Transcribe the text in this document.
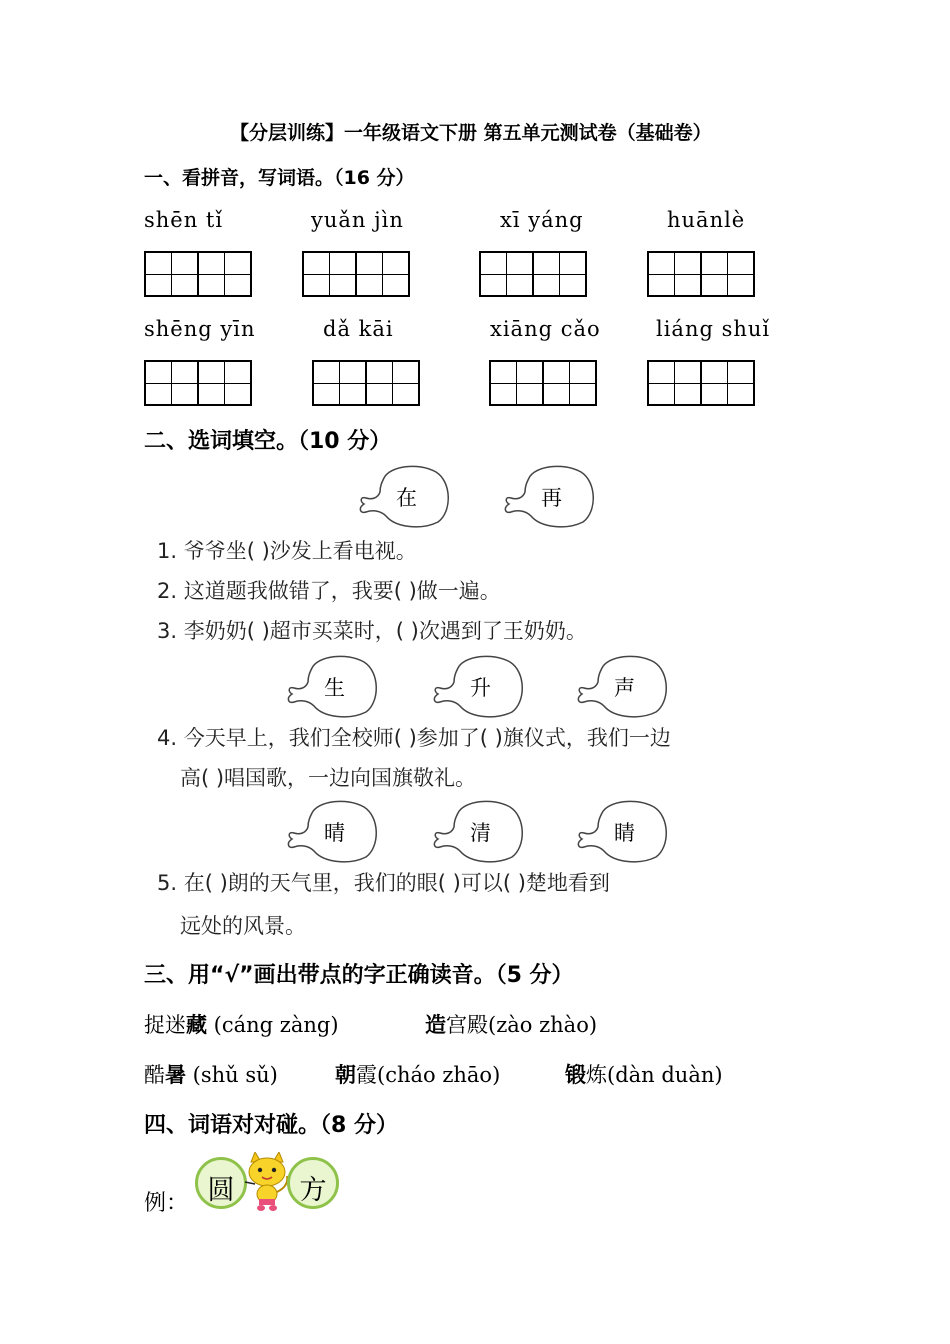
【分层训练】一年级语文下册 第五单元测试卷（基础卷）
一、看拼音，写词语。（16 分）
shēn tǐ	yuǎn jìn	xī yáng	huānlè
shēng yīn	dǎ kāi	xiāng cǎo	liáng shuǐ
二、选词填空。（10 分）
在	再
1. 爷爷坐( )沙发上看电视。
2. 这道题我做错了，我要( )做一遍。
3. 李奶奶( )超市买菜时，( )次遇到了王奶奶。
生	升	声
4. 今天早上，我们全校师( )参加了( )旗仪式，我们一边
高( )唱国歌，一边向国旗敬礼。
晴	清	睛
5. 在( )朗的天气里，我们的眼( )可以( )楚地看到
远处的风景。
三、用“√”画出带点的字正确读音。（5 分）
捉迷藏 (cáng zàng)	造宫殿(zào zhào)
酷暑 (shǔ sǔ)	朝霞(cháo zhāo)	锻炼(dàn duàn)
四、词语对对碰。（8 分）
例： 圆	方
